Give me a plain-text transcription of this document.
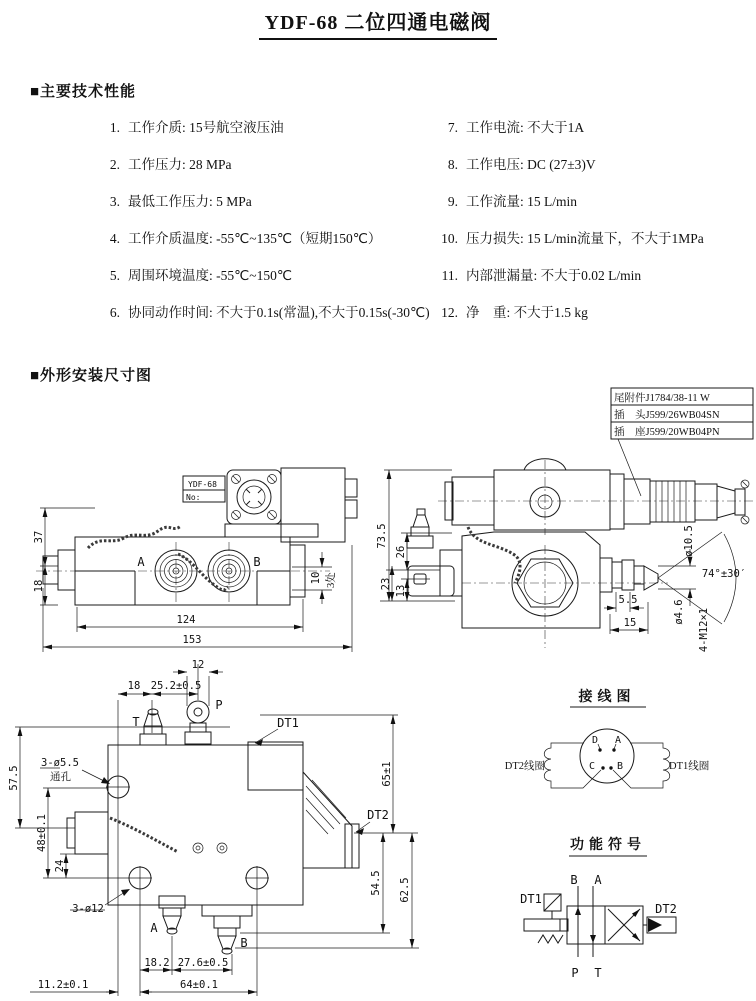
YDF-68 二位四通电磁阀
■主要技术性能
1. 工作介质: 15号航空液压油
2. 工作压力: 28 MPa
3. 最低工作压力: 5 MPa
4. 工作介质温度: -55℃~135℃（短期150℃）
5. 周围环境温度: -55℃~150℃
6. 协同动作时间: 不大于0.1s(常温),不大于0.15s(-30℃)
7. 工作电流: 不大于1A
8. 工作电压: DC (27±3)V
9. 工作流量: 15 L/min
10. 压力损失: 15 L/min流量下，不大于1MPa
11. 内部泄漏量: 不大于0.02 L/min
12. 净　重: 不大于1.5 kg
■外形安装尺寸图
尾附件J1784/38-11 W
插　头J599/26WB04SN
插　座J599/20WB04PN
YDF-68
No:
A	B
37
18
124
153
10 3处	74°±30′
73.5
26
23
13
ø10.5
5.5
15	ø4.6 4-M12×1
T
P
DT1
DT2
A
B
3-ø5.5
通孔
3-ø12
12
18 25.2±0.5
57.5
48±0.1
24
18.2 27.6±0.5
11.2±0.1	64±0.1
65±1
54.5 62.5
接线图
D A
C B
DT2线圈	DT1线圈
功能符号
B A
P T
DT1
DT2
